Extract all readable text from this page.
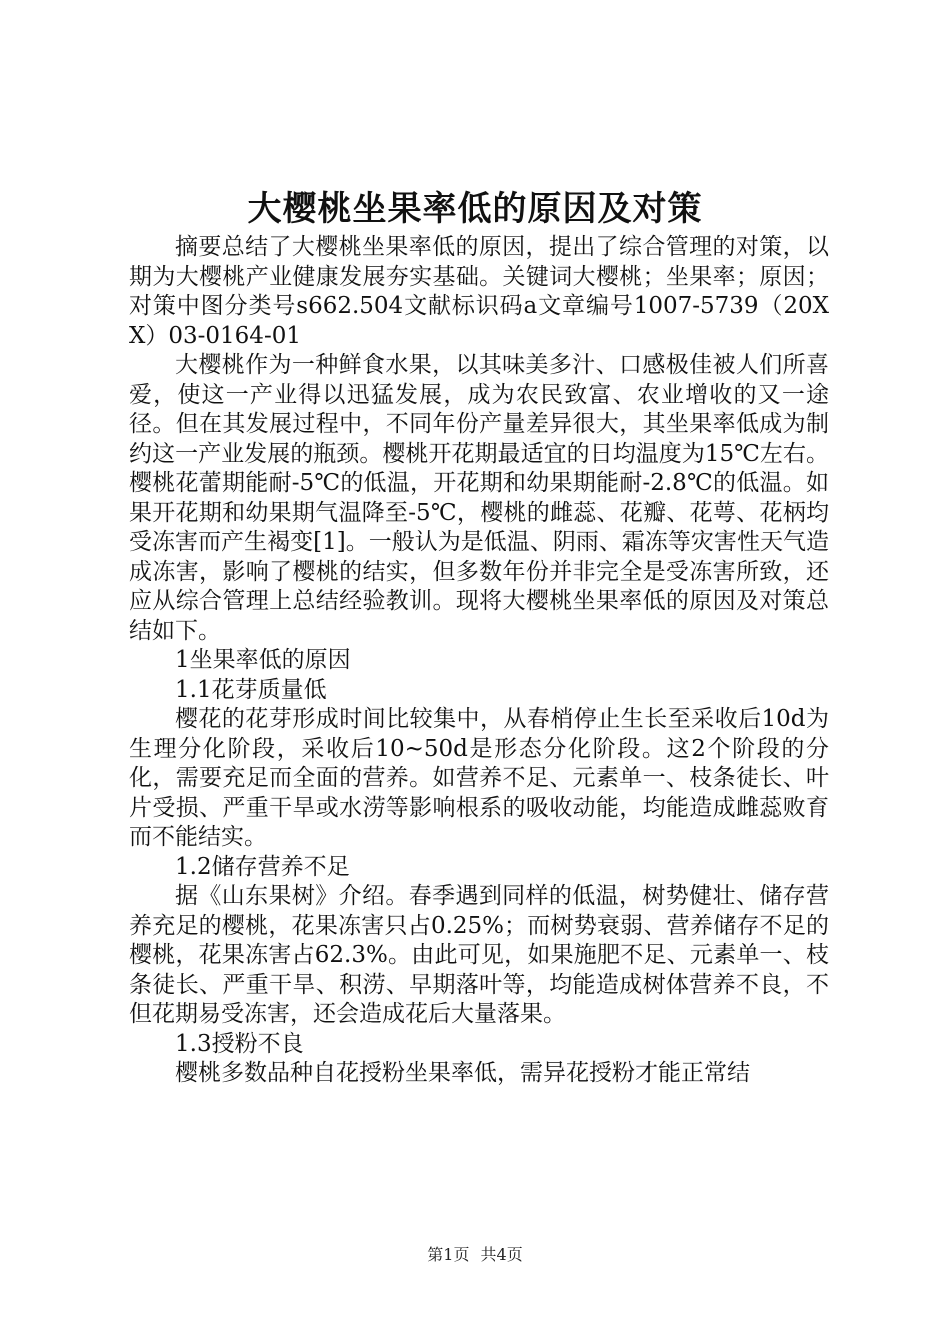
大樱桃坐果率低的原因及对策

摘要总结了大樱桃坐果率低的原因，提出了综合管理的对策，以期为大樱桃产业健康发展夯实基础。关键词大樱桃；坐果率；原因；对策中图分类号s662.504文献标识码a文章编号1007-5739（20XX）03-0164-01

大樱桃作为一种鲜食水果，以其味美多汁、口感极佳被人们所喜爱，使这一产业得以迅猛发展，成为农民致富、农业增收的又一途径。但在其发展过程中，不同年份产量差异很大，其坐果率低成为制约这一产业发展的瓶颈。樱桃开花期最适宜的日均温度为15℃左右。樱桃花蕾期能耐-5℃的低温，开花期和幼果期能耐-2.8℃的低温。如果开花期和幼果期气温降至-5℃，樱桃的雌蕊、花瓣、花萼、花柄均受冻害而产生褐变[1]。一般认为是低温、阴雨、霜冻等灾害性天气造成冻害，影响了樱桃的结实，但多数年份并非完全是受冻害所致，还应从综合管理上总结经验教训。现将大樱桃坐果率低的原因及对策总结如下。

1坐果率低的原因

1.1花芽质量低

樱花的花芽形成时间比较集中，从春梢停止生长至采收后10d为生理分化阶段，采收后10~50d是形态分化阶段。这2个阶段的分化，需要充足而全面的营养。如营养不足、元素单一、枝条徒长、叶片受损、严重干旱或水涝等影响根系的吸收动能，均能造成雌蕊败育而不能结实。

1.2储存营养不足

据《山东果树》介绍。春季遇到同样的低温，树势健壮、储存营养充足的樱桃，花果冻害只占0.25%；而树势衰弱、营养储存不足的樱桃，花果冻害占62.3%。由此可见，如果施肥不足、元素单一、枝条徒长、严重干旱、积涝、早期落叶等，均能造成树体营养不良，不但花期易受冻害，还会造成花后大量落果。

1.3授粉不良

樱桃多数品种自花授粉坐果率低，需异花授粉才能正常结

第1页 共4页
